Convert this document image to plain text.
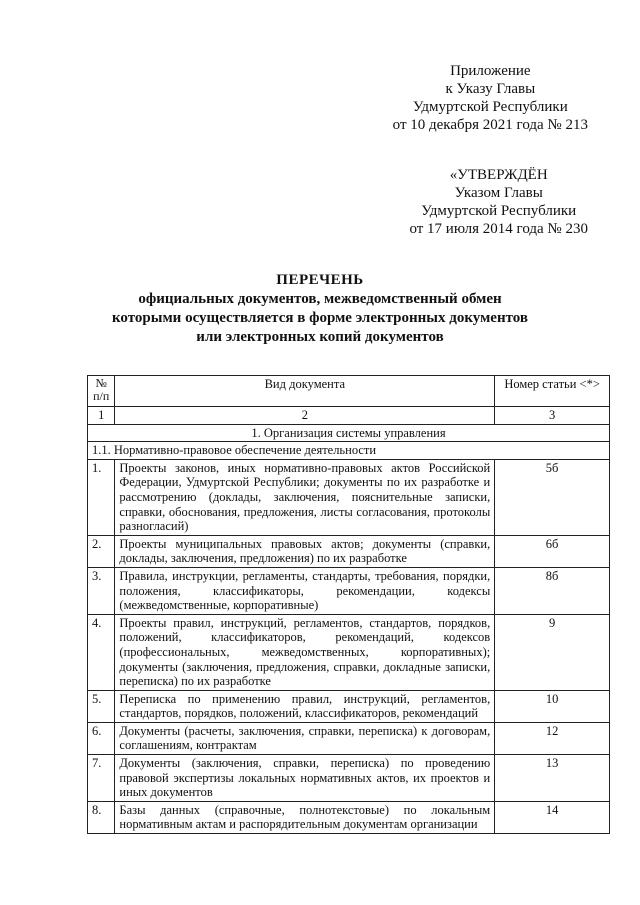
Приложение
к Указу Главы
Удмуртской Республики
от 10 декабря 2021 года № 213
«УТВЕРЖДЁН
Указом Главы
Удмуртской Республики
от 17 июля 2014 года № 230
ПЕРЕЧЕНЬ
официальных документов, межведомственный обмен
которыми осуществляется в форме электронных документов
или электронных копий документов
№ п/п	Вид документа	Номер статьи <*>
1	2	3
1. Организация системы управления		
1.1. Нормативно-правовое обеспечение деятельности		
1.	Проекты законов, иных нормативно-правовых актов Российской Федерации, Удмуртской Республики; документы по их разработке и рассмотрению (доклады, заключения, пояснительные записки, справки, обоснования, предложения, листы согласования, протоколы разногласий)	5б
2.	Проекты муниципальных правовых актов; документы (справки, доклады, заключения, предложения) по их разработке	6б
3.	Правила, инструкции, регламенты, стандарты, требования, порядки, положения, классификаторы, рекомендации, кодексы (межведомственные, корпоративные)	8б
4.	Проекты правил, инструкций, регламентов, стандартов, порядков, положений, классификаторов, рекомендаций, кодексов (профессиональных, межведомственных, корпоративных); документы (заключения, предложения, справки, докладные записки, переписка) по их разработке	9
5.	Переписка по применению правил, инструкций, регламентов, стандартов, порядков, положений, классификаторов, рекомендаций	10
6.	Документы (расчеты, заключения, справки, переписка) к договорам, соглашениям, контрактам	12
7.	Документы (заключения, справки, переписка) по проведению правовой экспертизы локальных нормативных актов, их проектов и иных документов	13
8.	Базы данных (справочные, полнотекстовые) по локальным нормативным актам и распорядительным документам организации	14
